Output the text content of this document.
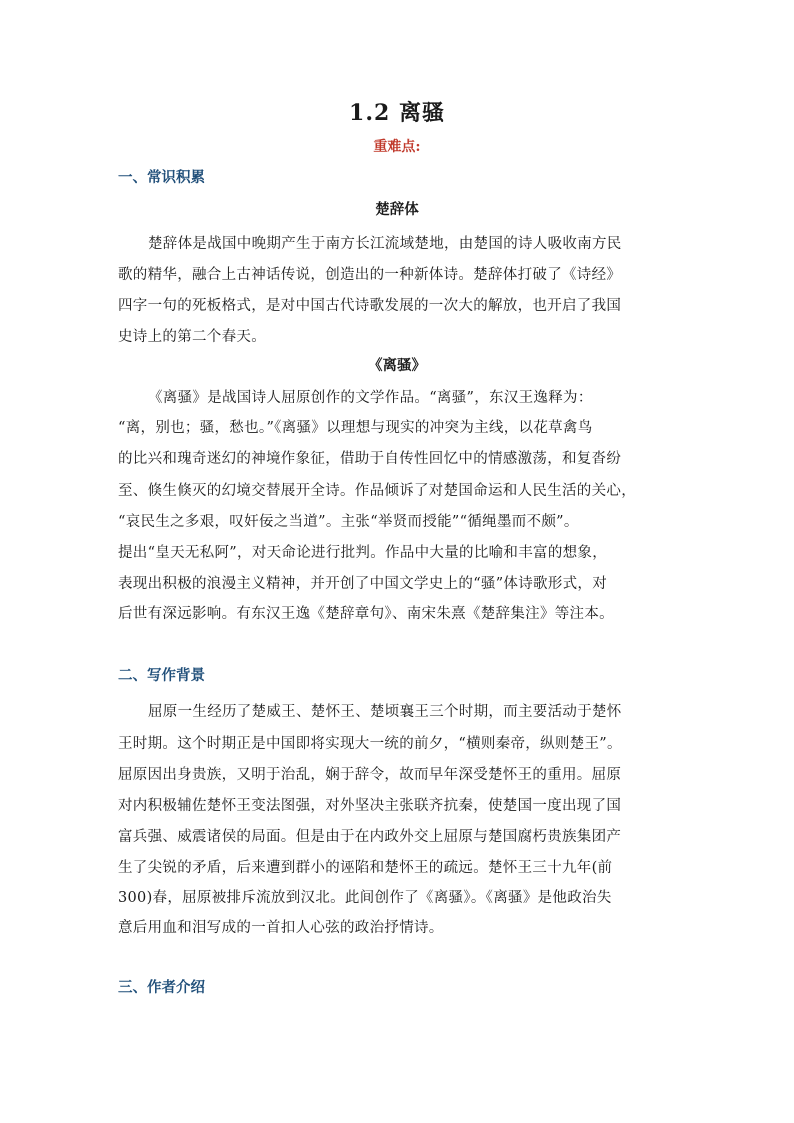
1.2 离骚
重难点:
一、常识积累
楚辞体
楚辞体是战国中晚期产生于南方长江流域楚地，由楚国的诗人吸收南方民
歌的精华，融合上古神话传说，创造出的一种新体诗。楚辞体打破了《诗经》
四字一句的死板格式，是对中国古代诗歌发展的一次大的解放，也开启了我国
史诗上的第二个春天。
《离骚》
《离骚》是战国诗人屈原创作的文学作品。“离骚”，东汉王逸释为：
“离，别也；骚，愁也。”《离骚》以理想与现实的冲突为主线，以花草禽鸟
的比兴和瑰奇迷幻的神境作象征，借助于自传性回忆中的情感激荡，和复沓纷
至、倏生倏灭的幻境交替展开全诗。作品倾诉了对楚国命运和人民生活的关心，
“哀民生之多艰，叹奸佞之当道”。主张“举贤而授能”“循绳墨而不颇”。
提出“皇天无私阿”，对天命论进行批判。作品中大量的比喻和丰富的想象，
表现出积极的浪漫主义精神，并开创了中国文学史上的“骚”体诗歌形式，对
后世有深远影响。有东汉王逸《楚辞章句》、南宋朱熹《楚辞集注》等注本。
二、写作背景
屈原一生经历了楚威王、楚怀王、楚顷襄王三个时期，而主要活动于楚怀
王时期。这个时期正是中国即将实现大一统的前夕，“横则秦帝，纵则楚王”。
屈原因出身贵族，又明于治乱，娴于辞令，故而早年深受楚怀王的重用。屈原
对内积极辅佐楚怀王变法图强，对外坚决主张联齐抗秦，使楚国一度出现了国
富兵强、威震诸侯的局面。但是由于在内政外交上屈原与楚国腐朽贵族集团产
生了尖锐的矛盾，后来遭到群小的诬陷和楚怀王的疏远。楚怀王三十九年(前
300)春，屈原被排斥流放到汉北。此间创作了《离骚》。《离骚》是他政治失
意后用血和泪写成的一首扣人心弦的政治抒情诗。
三、作者介绍
